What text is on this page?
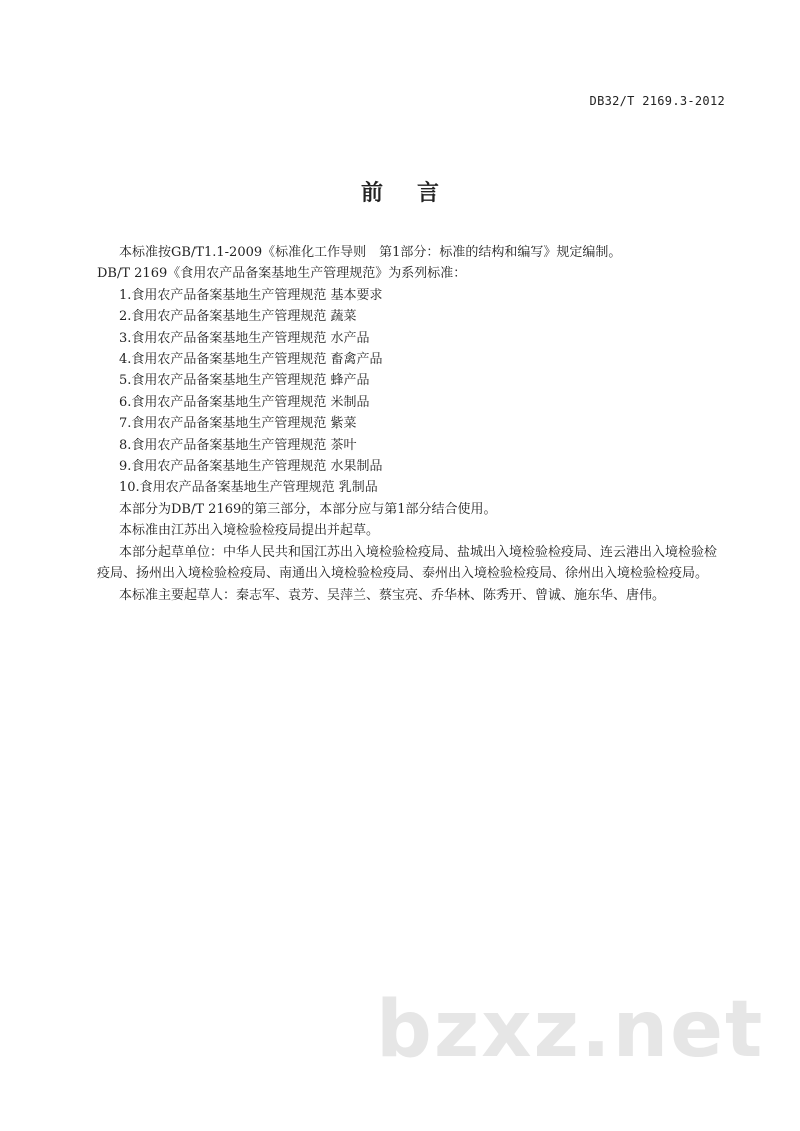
DB32/T 2169.3-2012
前言
本标准按GB/T1.1-2009《标准化工作导则　第1部分：标准的结构和编写》规定编制。
DB/T 2169《食用农产品备案基地生产管理规范》为系列标准：
1.食用农产品备案基地生产管理规范 基本要求
2.食用农产品备案基地生产管理规范 蔬菜
3.食用农产品备案基地生产管理规范 水产品
4.食用农产品备案基地生产管理规范 畜禽产品
5.食用农产品备案基地生产管理规范 蜂产品
6.食用农产品备案基地生产管理规范 米制品
7.食用农产品备案基地生产管理规范 紫菜
8.食用农产品备案基地生产管理规范 茶叶
9.食用农产品备案基地生产管理规范 水果制品
10.食用农产品备案基地生产管理规范 乳制品
本部分为DB/T 2169的第三部分，本部分应与第1部分结合使用。
本标准由江苏出入境检验检疫局提出并起草。
本部分起草单位：中华人民共和国江苏出入境检验检疫局、盐城出入境检验检疫局、连云港出入境检验检疫局、扬州出入境检验检疫局、南通出入境检验检疫局、泰州出入境检验检疫局、徐州出入境检验检疫局。
本标准主要起草人：秦志军、袁芳、吴萍兰、蔡宝亮、乔华林、陈秀开、曾诚、施东华、唐伟。
bzxz.net
